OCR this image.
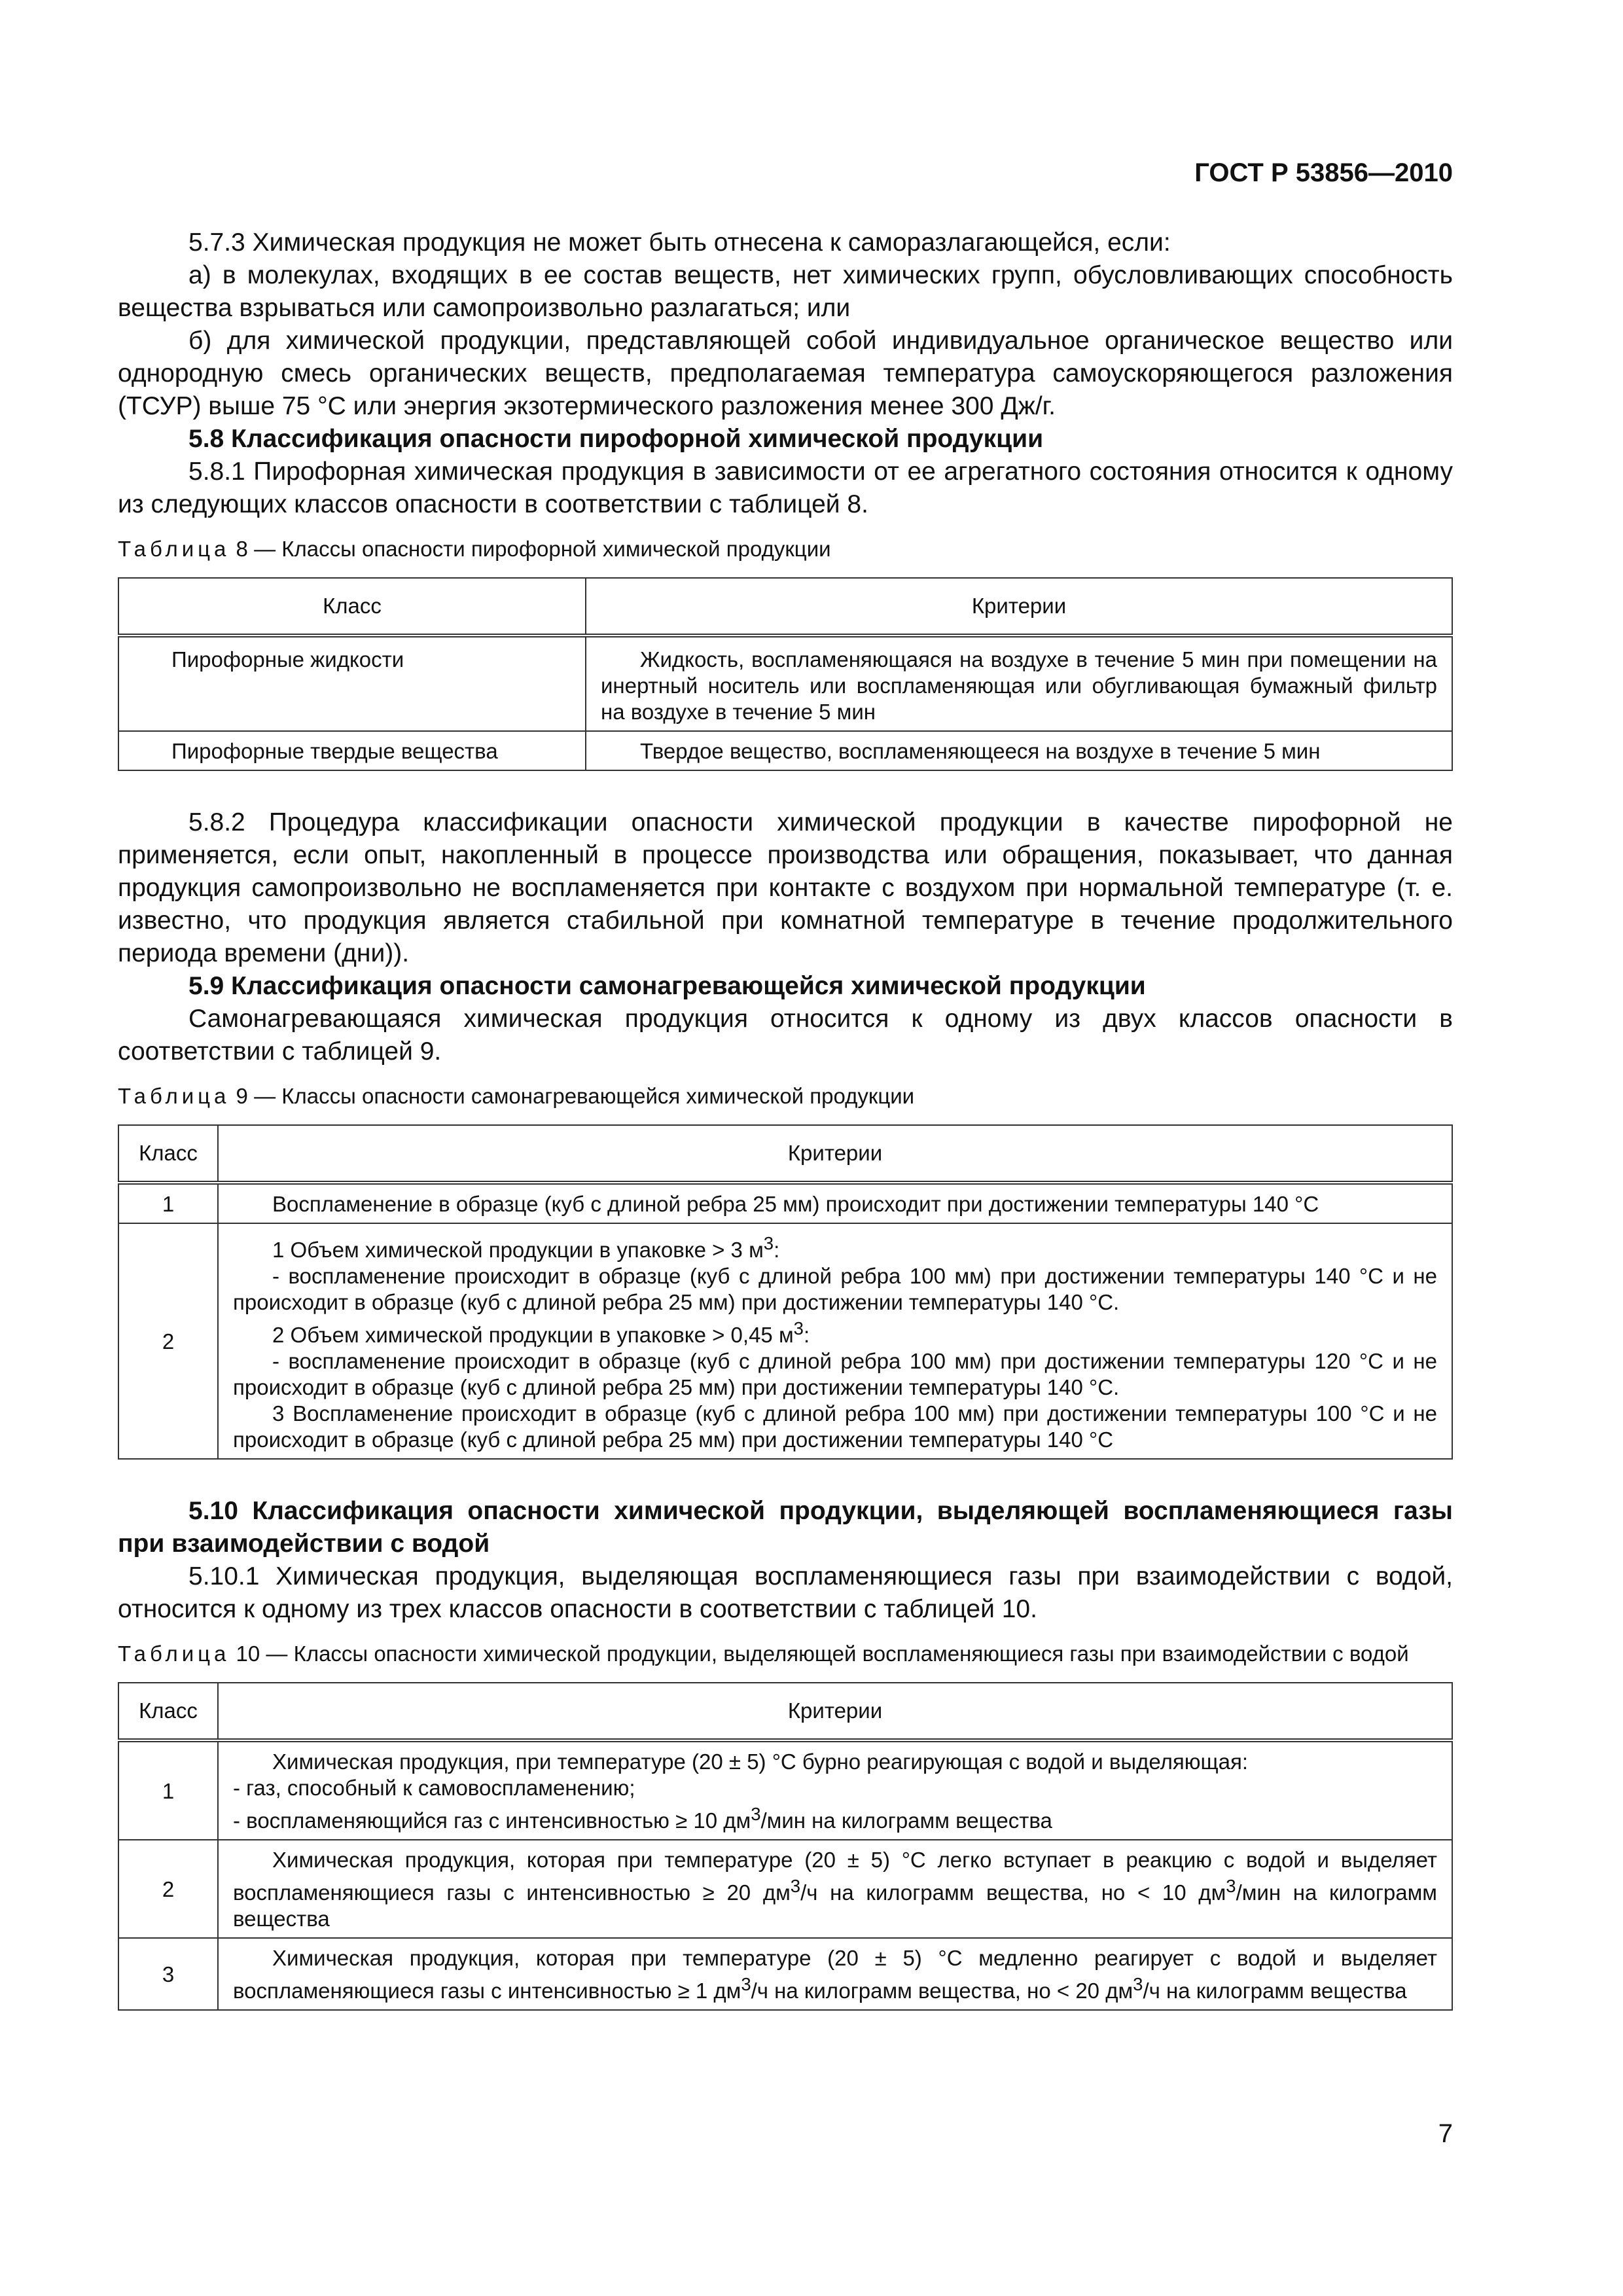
ГОСТ Р 53856—2010

5.7.3 Химическая продукция не может быть отнесена к саморазлагающейся, если:

а) в молекулах, входящих в ее состав веществ, нет химических групп, обусловливающих способность вещества взрываться или самопроизвольно разлагаться; или

б) для химической продукции, представляющей собой индивидуальное органическое вещество или однородную смесь органических веществ, предполагаемая температура самоускоряющегося разложения (ТСУР) выше 75 °С или энергия экзотермического разложения менее 300 Дж/г.

5.8 Классификация опасности пирофорной химической продукции

5.8.1 Пирофорная химическая продукция в зависимости от ее агрегатного состояния относится к одному из следующих классов опасности в соответствии с таблицей 8.

Таблица 8 — Классы опасности пирофорной химической продукции
Класс	Критерии
Пирофорные жидкости	Жидкость, воспламеняющаяся на воздухе в течение 5 мин при помещении на инертный носитель или воспламеняющая или обугливающая бумажный фильтр на воздухе в течение 5 мин
Пирофорные твердые вещества	Твердое вещество, воспламеняющееся на воздухе в течение 5 мин

5.8.2 Процедура классификации опасности химической продукции в качестве пирофорной не применяется, если опыт, накопленный в процессе производства или обращения, показывает, что данная продукция самопроизвольно не воспламеняется при контакте с воздухом при нормальной температуре (т. е. известно, что продукция является стабильной при комнатной температуре в течение продолжительного периода времени (дни)).

5.9 Классификация опасности самонагревающейся химической продукции

Самонагревающаяся химическая продукция относится к одному из двух классов опасности в соответствии с таблицей 9.

Таблица 9 — Классы опасности самонагревающейся химической продукции
Класс	Критерии
1	Воспламенение в образце (куб с длиной ребра 25 мм) происходит при достижении температуры 140 °С
2	1 Объем химической продукции в упаковке > 3 $м^3$:
- воспламенение происходит в образце (куб с длиной ребра 100 мм) при достижении температуры 140 °С и не происходит в образце (куб с длиной ребра 25 мм) при достижении температуры 140 °С.
2 Объем химической продукции в упаковке > 0,45 $м^3$:
- воспламенение происходит в образце (куб с длиной ребра 100 мм) при достижении температуры 120 °С и не происходит в образце (куб с длиной ребра 25 мм) при достижении температуры 140 °С.
3 Воспламенение происходит в образце (куб с длиной ребра 100 мм) при достижении температуры 100 °С и не происходит в образце (куб с длиной ребра 25 мм) при достижении температуры 140 °С

5.10 Классификация опасности химической продукции, выделяющей воспламеняющиеся газы при взаимодействии с водой

5.10.1 Химическая продукция, выделяющая воспламеняющиеся газы при взаимодействии с водой, относится к одному из трех классов опасности в соответствии с таблицей 10.

Таблица 10 — Классы опасности химической продукции, выделяющей воспламеняющиеся газы при взаимодействии с водой
Класс	Критерии
1	Химическая продукция, при температуре (20 ± 5) °С бурно реагирующая с водой и выделяющая:
- газ, способный к самовоспламенению;
- воспламеняющийся газ с интенсивностью ≥ 10 $дм^3$/мин на килограмм вещества

2	Химическая продукция, которая при температуре (20 ± 5) °С легко вступает в реакцию с водой и выделяет воспламеняющиеся газы с интенсивностью ≥ 20 $дм^3/ч$ на килограмм вещества, но < 10 $дм^3$/мин на килограмм вещества
3	Химическая продукция, которая при температуре (20 ± 5) °С медленно реагирует с водой и выделяет воспламеняющиеся газы с интенсивностью ≥ 1 $дм^3/ч$ на килограмм вещества, но < 20 $дм^3/ч$ на килограмм вещества
7
